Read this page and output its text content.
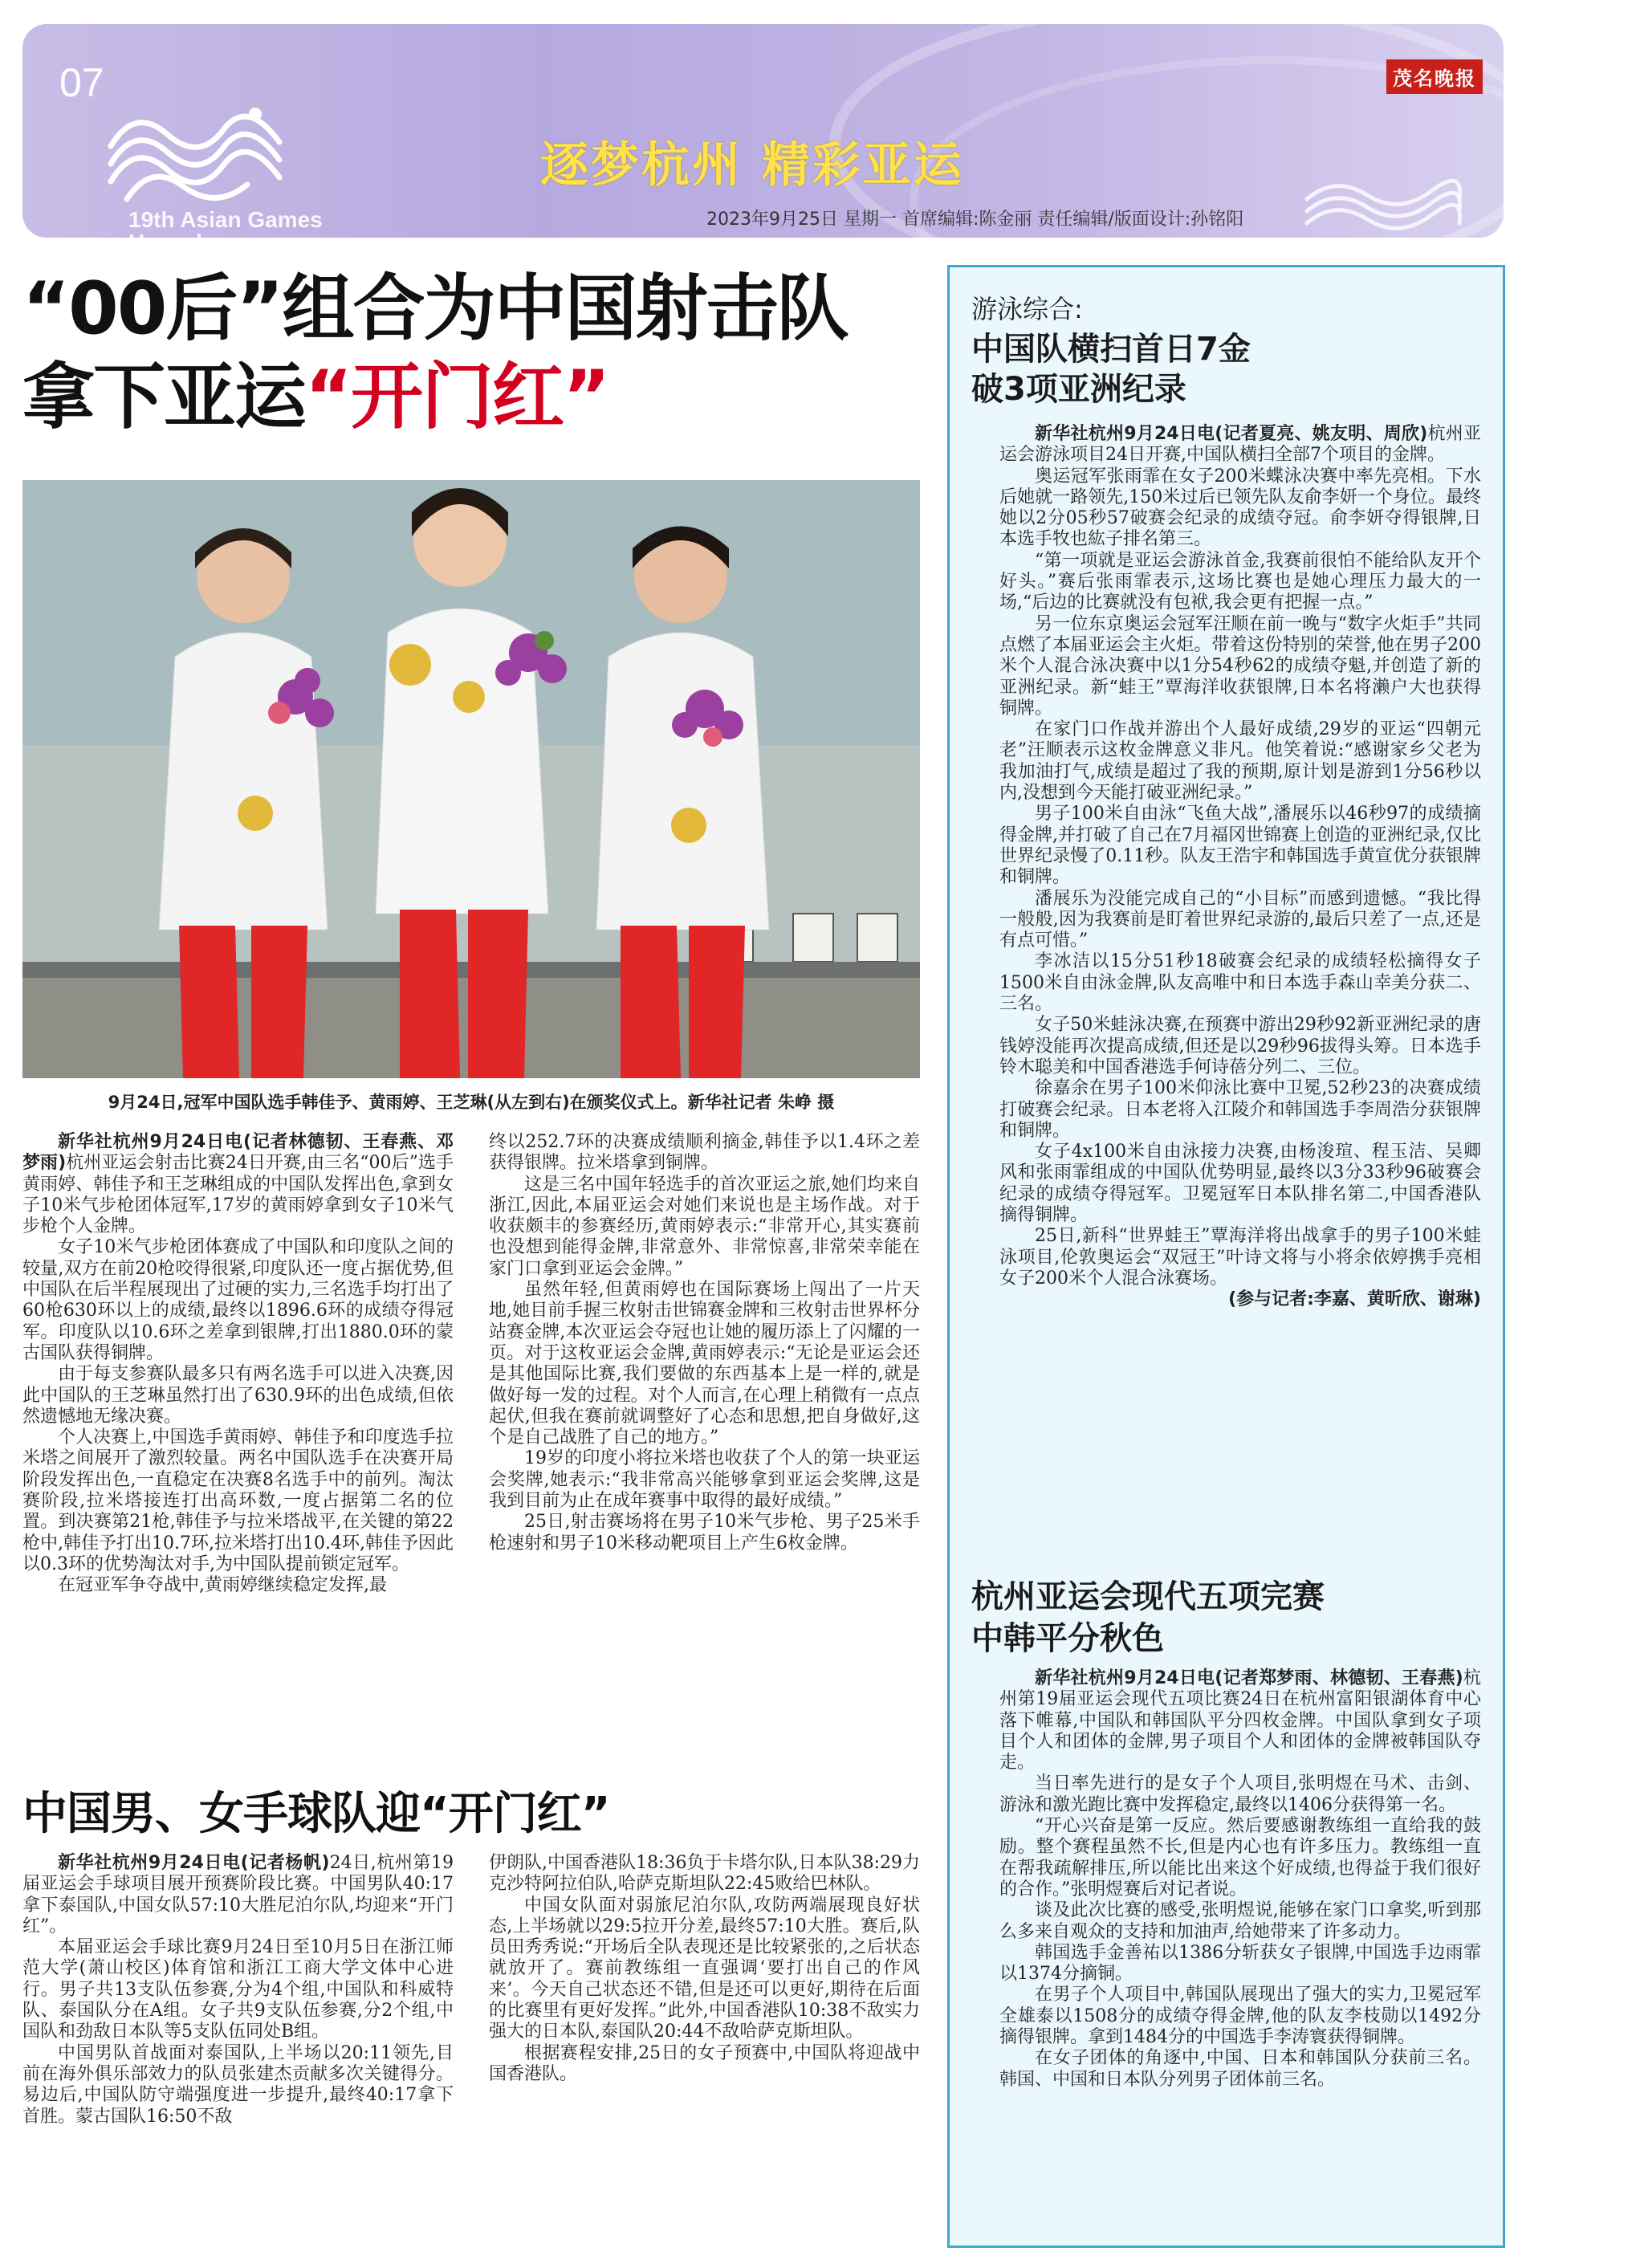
07
19th Asian Games
Hangzhou
逐梦杭州 精彩亚运
茂名晚报
2023年9月25日 星期一 首席编辑:陈金丽 责任编辑/版面设计:孙铭阳
“00后”组合为中国射击队
拿下亚运“开门红”
9月24日,冠军中国队选手韩佳予、黄雨婷、王芝琳(从左到右)在颁奖仪式上。新华社记者 朱峥 摄

新华社杭州9月24日电(记者林德韧、王春燕、邓梦雨)杭州亚运会射击比赛24日开赛,由三名“00后”选手黄雨婷、韩佳予和王芝琳组成的中国队发挥出色,拿到女子10米气步枪团体冠军,17岁的黄雨婷拿到女子10米气步枪个人金牌。

女子10米气步枪团体赛成了中国队和印度队之间的较量,双方在前20枪咬得很紧,印度队还一度占据优势,但中国队在后半程展现出了过硬的实力,三名选手均打出了60枪630环以上的成绩,最终以1896.6环的成绩夺得冠军。印度队以10.6环之差拿到银牌,打出1880.0环的蒙古国队获得铜牌。

由于每支参赛队最多只有两名选手可以进入决赛,因此中国队的王芝琳虽然打出了630.9环的出色成绩,但依然遗憾地无缘决赛。

个人决赛上,中国选手黄雨婷、韩佳予和印度选手拉米塔之间展开了激烈较量。两名中国队选手在决赛开局阶段发挥出色,一直稳定在决赛8名选手中的前列。淘汰赛阶段,拉米塔接连打出高环数,一度占据第二名的位置。到决赛第21枪,韩佳予与拉米塔战平,在关键的第22枪中,韩佳予打出10.7环,拉米塔打出10.4环,韩佳予因此以0.3环的优势淘汰对手,为中国队提前锁定冠军。

在冠亚军争夺战中,黄雨婷继续稳定发挥,最

终以252.7环的决赛成绩顺利摘金,韩佳予以1.4环之差获得银牌。拉米塔拿到铜牌。

这是三名中国年轻选手的首次亚运之旅,她们均来自浙江,因此,本届亚运会对她们来说也是主场作战。对于收获颇丰的参赛经历,黄雨婷表示:“非常开心,其实赛前也没想到能得金牌,非常意外、非常惊喜,非常荣幸能在家门口拿到亚运会金牌。”

虽然年轻,但黄雨婷也在国际赛场上闯出了一片天地,她目前手握三枚射击世锦赛金牌和三枚射击世界杯分站赛金牌,本次亚运会夺冠也让她的履历添上了闪耀的一页。对于这枚亚运会金牌,黄雨婷表示:“无论是亚运会还是其他国际比赛,我们要做的东西基本上是一样的,就是做好每一发的过程。对个人而言,在心理上稍微有一点点起伏,但我在赛前就调整好了心态和思想,把自身做好,这个是自己战胜了自己的地方。”

19岁的印度小将拉米塔也收获了个人的第一块亚运会奖牌,她表示:“我非常高兴能够拿到亚运会奖牌,这是我到目前为止在成年赛事中取得的最好成绩。”

25日,射击赛场将在男子10米气步枪、男子25米手枪速射和男子10米移动靶项目上产生6枚金牌。

中国男、女手球队迎“开门红”

新华社杭州9月24日电(记者杨帆)24日,杭州第19届亚运会手球项目展开预赛阶段比赛。中国男队40:17拿下泰国队,中国女队57:10大胜尼泊尔队,均迎来“开门红”。

本届亚运会手球比赛9月24日至10月5日在浙江师范大学(萧山校区)体育馆和浙江工商大学文体中心进行。男子共13支队伍参赛,分为4个组,中国队和科威特队、泰国队分在A组。女子共9支队伍参赛,分2个组,中国队和劲敌日本队等5支队伍同处B组。

中国男队首战面对泰国队,上半场以20:11领先,目前在海外俱乐部效力的队员张建杰贡献多次关键得分。易边后,中国队防守端强度进一步提升,最终40:17拿下首胜。蒙古国队16:50不敌

伊朗队,中国香港队18:36负于卡塔尔队,日本队38:29力克沙特阿拉伯队,哈萨克斯坦队22:45败给巴林队。

中国女队面对弱旅尼泊尔队,攻防两端展现良好状态,上半场就以29:5拉开分差,最终57:10大胜。赛后,队员田秀秀说:“开场后全队表现还是比较紧张的,之后状态就放开了。赛前教练组一直强调‘要打出自己的作风来’。今天自己状态还不错,但是还可以更好,期待在后面的比赛里有更好发挥。”此外,中国香港队10:38不敌实力强大的日本队,泰国队20:44不敌哈萨克斯坦队。

根据赛程安排,25日的女子预赛中,中国队将迎战中国香港队。

游泳综合:
中国队横扫首日7金
破3项亚洲纪录

新华社杭州9月24日电(记者夏亮、姚友明、周欣)杭州亚运会游泳项目24日开赛,中国队横扫全部7个项目的金牌。

奥运冠军张雨霏在女子200米蝶泳决赛中率先亮相。下水后她就一路领先,150米过后已领先队友俞李妍一个身位。最终她以2分05秒57破赛会纪录的成绩夺冠。俞李妍夺得银牌,日本选手牧也紘子排名第三。

“第一项就是亚运会游泳首金,我赛前很怕不能给队友开个好头。”赛后张雨霏表示,这场比赛也是她心理压力最大的一场,“后边的比赛就没有包袱,我会更有把握一点。”

另一位东京奥运会冠军汪顺在前一晚与“数字火炬手”共同点燃了本届亚运会主火炬。带着这份特别的荣誉,他在男子200米个人混合泳决赛中以1分54秒62的成绩夺魁,并创造了新的亚洲纪录。新“蛙王”覃海洋收获银牌,日本名将濑户大也获得铜牌。

在家门口作战并游出个人最好成绩,29岁的亚运“四朝元老”汪顺表示这枚金牌意义非凡。他笑着说:“感谢家乡父老为我加油打气,成绩是超过了我的预期,原计划是游到1分56秒以内,没想到今天能打破亚洲纪录。”

男子100米自由泳“飞鱼大战”,潘展乐以46秒97的成绩摘得金牌,并打破了自己在7月福冈世锦赛上创造的亚洲纪录,仅比世界纪录慢了0.11秒。队友王浩宇和韩国选手黄宣优分获银牌和铜牌。

潘展乐为没能完成自己的“小目标”而感到遗憾。“我比得一般般,因为我赛前是盯着世界纪录游的,最后只差了一点,还是有点可惜。”

李冰洁以15分51秒18破赛会纪录的成绩轻松摘得女子1500米自由泳金牌,队友高唯中和日本选手森山幸美分获二、三名。

女子50米蛙泳决赛,在预赛中游出29秒92新亚洲纪录的唐钱婷没能再次提高成绩,但还是以29秒96拔得头筹。日本选手铃木聪美和中国香港选手何诗蓓分列二、三位。

徐嘉余在男子100米仰泳比赛中卫冕,52秒23的决赛成绩打破赛会纪录。日本老将入江陵介和韩国选手李周浩分获银牌和铜牌。

女子4x100米自由泳接力决赛,由杨浚瑄、程玉洁、吴卿风和张雨霏组成的中国队优势明显,最终以3分33秒96破赛会纪录的成绩夺得冠军。卫冕冠军日本队排名第二,中国香港队摘得铜牌。

25日,新科“世界蛙王”覃海洋将出战拿手的男子100米蛙泳项目,伦敦奥运会“双冠王”叶诗文将与小将余依婷携手亮相女子200米个人混合泳赛场。

(参与记者:李嘉、黄昕欣、谢琳)

杭州亚运会现代五项完赛
中韩平分秋色

新华社杭州9月24日电(记者郑梦雨、林德韧、王春燕)杭州第19届亚运会现代五项比赛24日在杭州富阳银湖体育中心落下帷幕,中国队和韩国队平分四枚金牌。中国队拿到女子项目个人和团体的金牌,男子项目个人和团体的金牌被韩国队夺走。

当日率先进行的是女子个人项目,张明煜在马术、击剑、游泳和激光跑比赛中发挥稳定,最终以1406分获得第一名。

“开心兴奋是第一反应。然后要感谢教练组一直给我的鼓励。整个赛程虽然不长,但是内心也有许多压力。教练组一直在帮我疏解排压,所以能比出来这个好成绩,也得益于我们很好的合作。”张明煜赛后对记者说。

谈及此次比赛的感受,张明煜说,能够在家门口拿奖,听到那么多来自观众的支持和加油声,给她带来了许多动力。

韩国选手金善祐以1386分斩获女子银牌,中国选手边雨霏以1374分摘铜。

在男子个人项目中,韩国队展现出了强大的实力,卫冕冠军全雄泰以1508分的成绩夺得金牌,他的队友李枝勋以1492分摘得银牌。拿到1484分的中国选手李涛寰获得铜牌。

在女子团体的角逐中,中国、日本和韩国队分获前三名。韩国、中国和日本队分列男子团体前三名。
